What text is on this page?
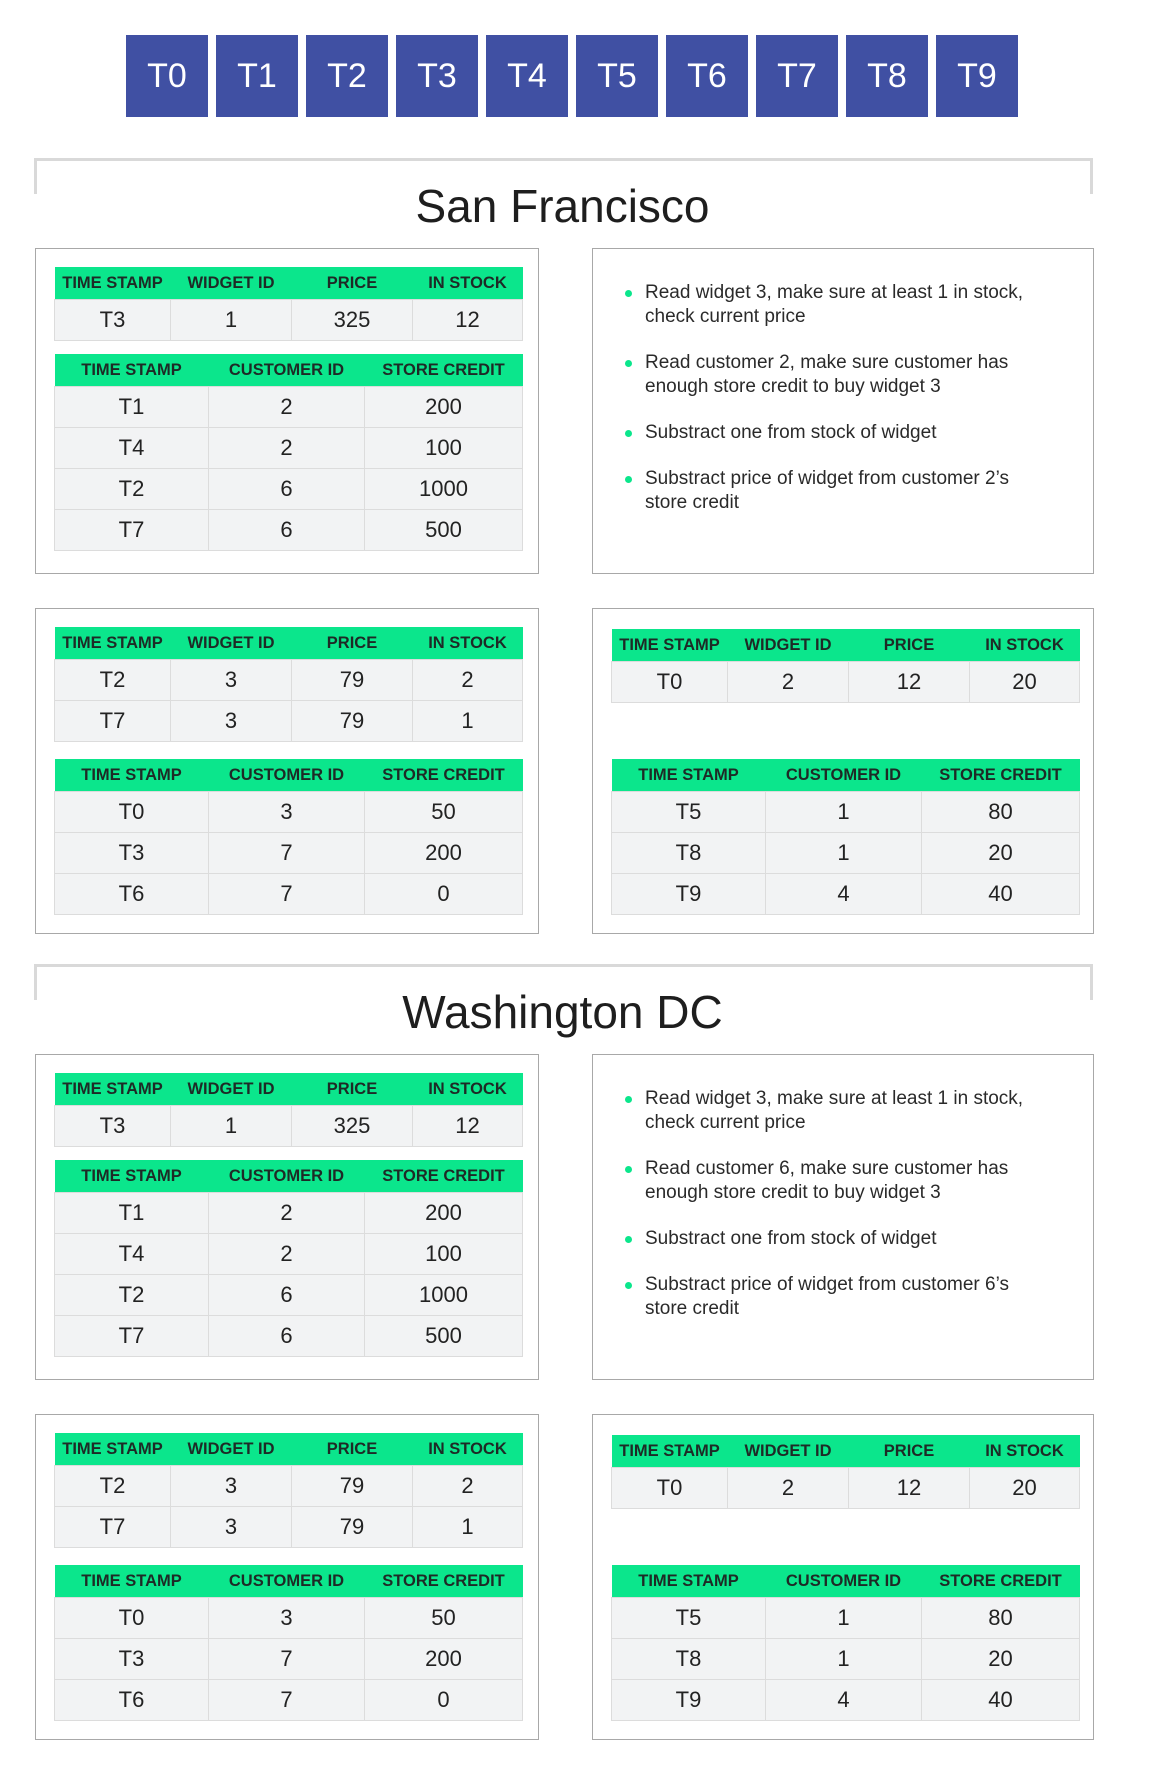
T0	T1	T2	T3	T4	T5	T6	T7	T8	T9
San Francisco
TIME STAMP	WIDGET ID	PRICE	IN STOCK
T3	1	325	12
TIME STAMP	CUSTOMER ID	STORE CREDIT
T1	2	200
T4	2	100
T2	6	1000
T7	6	500
Read widget 3, make sure at least 1 in stock, check current price
Read customer 2, make sure customer has enough store credit to buy widget 3
Substract one from stock of widget
Substract price of widget from customer 2’s store credit
TIME STAMP	WIDGET ID	PRICE	IN STOCK
T2	3	79	2
T7	3	79	1
TIME STAMP	CUSTOMER ID	STORE CREDIT
T0	3	50
T3	7	200
T6	7	0
TIME STAMP	WIDGET ID	PRICE	IN STOCK
T0	2	12	20
TIME STAMP	CUSTOMER ID	STORE CREDIT
T5	1	80
T8	1	20
T9	4	40
Washington DC
TIME STAMP	WIDGET ID	PRICE	IN STOCK
T3	1	325	12
TIME STAMP	CUSTOMER ID	STORE CREDIT
T1	2	200
T4	2	100
T2	6	1000
T7	6	500
Read widget 3, make sure at least 1 in stock, check current price
Read customer 6, make sure customer has enough store credit to buy widget 3
Substract one from stock of widget
Substract price of widget from customer 6’s store credit
TIME STAMP	WIDGET ID	PRICE	IN STOCK
T2	3	79	2
T7	3	79	1
TIME STAMP	CUSTOMER ID	STORE CREDIT
T0	3	50
T3	7	200
T6	7	0
TIME STAMP	WIDGET ID	PRICE	IN STOCK
T0	2	12	20
TIME STAMP	CUSTOMER ID	STORE CREDIT
T5	1	80
T8	1	20
T9	4	40
